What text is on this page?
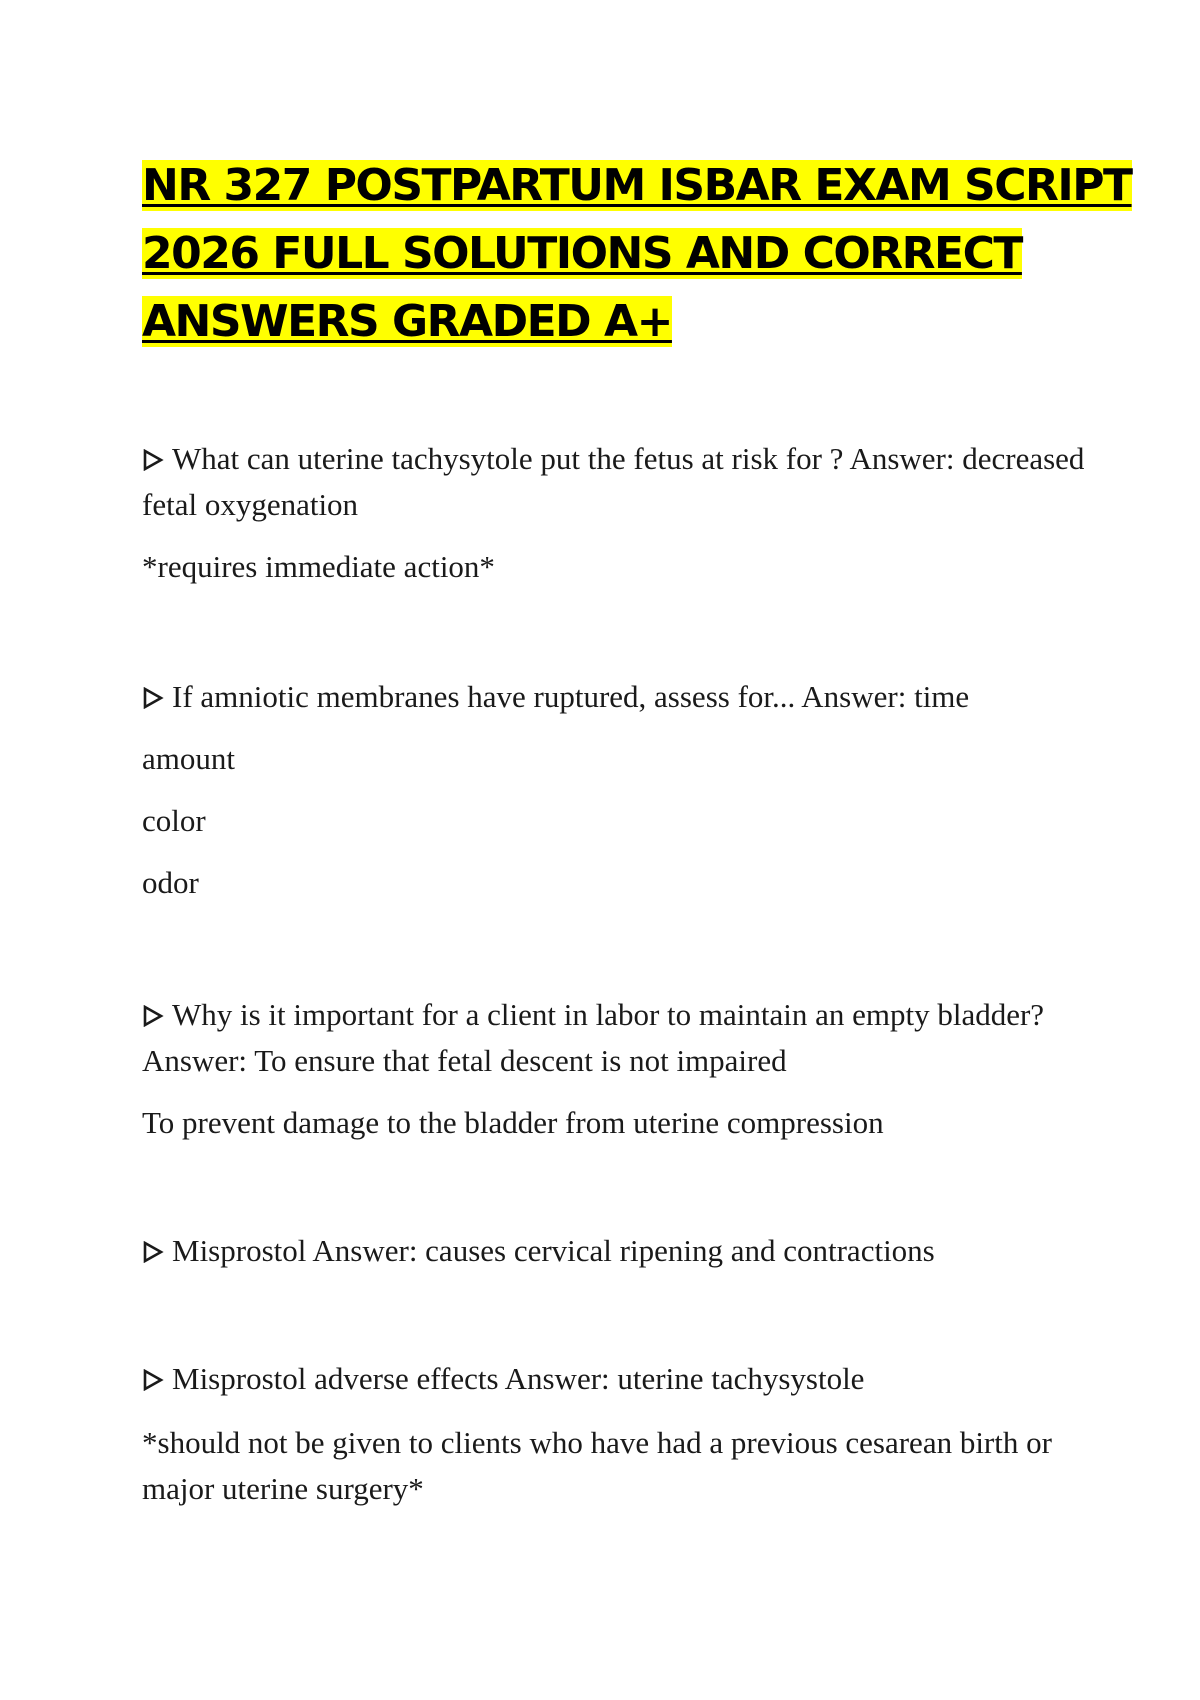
NR 327 POSTPARTUM ISBAR EXAM SCRIPT
2026 FULL SOLUTIONS AND CORRECT
ANSWERS GRADED A+

What can uterine tachysytole put the fetus at risk for ? Answer: decreased fetal oxygenation

*requires immediate action*

If amniotic membranes have ruptured, assess for... Answer: time

amount

color

odor

Why is it important for a client in labor to maintain an empty bladder? Answer: To ensure that fetal descent is not impaired

To prevent damage to the bladder from uterine compression

Misprostol Answer: causes cervical ripening and contractions

Misprostol adverse effects Answer: uterine tachysystole

*should not be given to clients who have had a previous cesarean birth or major uterine surgery*
